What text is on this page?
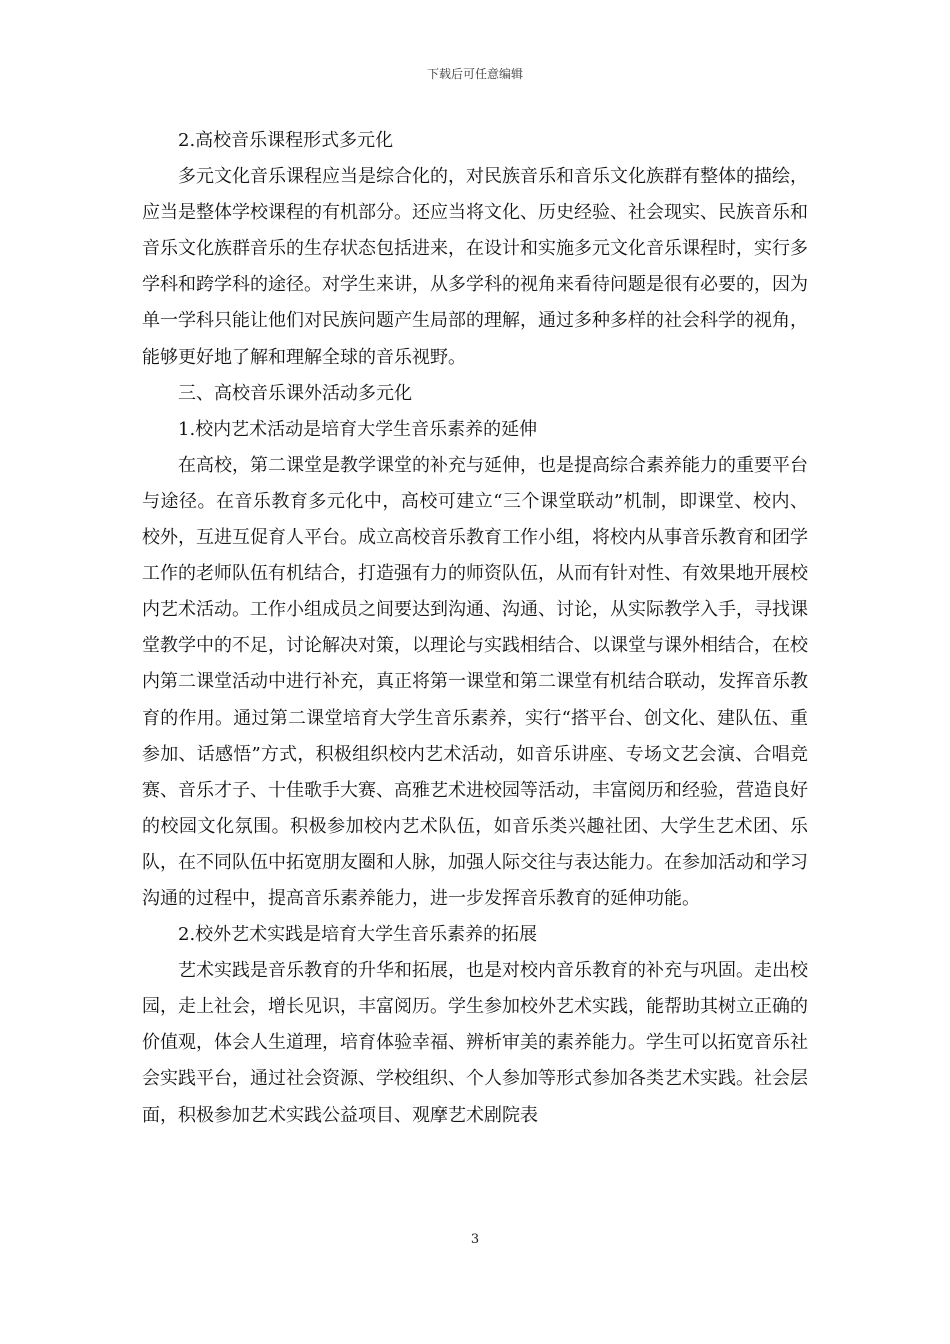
下载后可任意编辑

2.高校音乐课程形式多元化

多元文化音乐课程应当是综合化的，对民族音乐和音乐文化族群有整体的描绘，应当是整体学校课程的有机部分。还应当将文化、历史经验、社会现实、民族音乐和音乐文化族群音乐的生存状态包括进来，在设计和实施多元文化音乐课程时，实行多学科和跨学科的途径。对学生来讲，从多学科的视角来看待问题是很有必要的，因为单一学科只能让他们对民族问题产生局部的理解，通过多种多样的社会科学的视角，能够更好地了解和理解全球的音乐视野。

三、高校音乐课外活动多元化

1.校内艺术活动是培育大学生音乐素养的延伸

在高校，第二课堂是教学课堂的补充与延伸，也是提高综合素养能力的重要平台与途径。在音乐教育多元化中，高校可建立“三个课堂联动”机制，即课堂、校内、校外，互进互促育人平台。成立高校音乐教育工作小组，将校内从事音乐教育和团学工作的老师队伍有机结合，打造强有力的师资队伍，从而有针对性、有效果地开展校内艺术活动。工作小组成员之间要达到沟通、沟通、讨论，从实际教学入手，寻找课堂教学中的不足，讨论解决对策，以理论与实践相结合、以课堂与课外相结合，在校内第二课堂活动中进行补充，真正将第一课堂和第二课堂有机结合联动，发挥音乐教育的作用。通过第二课堂培育大学生音乐素养，实行“搭平台、创文化、建队伍、重参加、话感悟”方式，积极组织校内艺术活动，如音乐讲座、专场文艺会演、合唱竞赛、音乐才子、十佳歌手大赛、高雅艺术进校园等活动，丰富阅历和经验，营造良好的校园文化氛围。积极参加校内艺术队伍，如音乐类兴趣社团、大学生艺术团、乐队，在不同队伍中拓宽朋友圈和人脉，加强人际交往与表达能力。在参加活动和学习沟通的过程中，提高音乐素养能力，进一步发挥音乐教育的延伸功能。

2.校外艺术实践是培育大学生音乐素养的拓展

艺术实践是音乐教育的升华和拓展，也是对校内音乐教育的补充与巩固。走出校园，走上社会，增长见识，丰富阅历。学生参加校外艺术实践，能帮助其树立正确的价值观，体会人生道理，培育体验幸福、辨析审美的素养能力。学生可以拓宽音乐社会实践平台，通过社会资源、学校组织、个人参加等形式参加各类艺术实践。社会层面，积极参加艺术实践公益项目、观摩艺术剧院表

3
